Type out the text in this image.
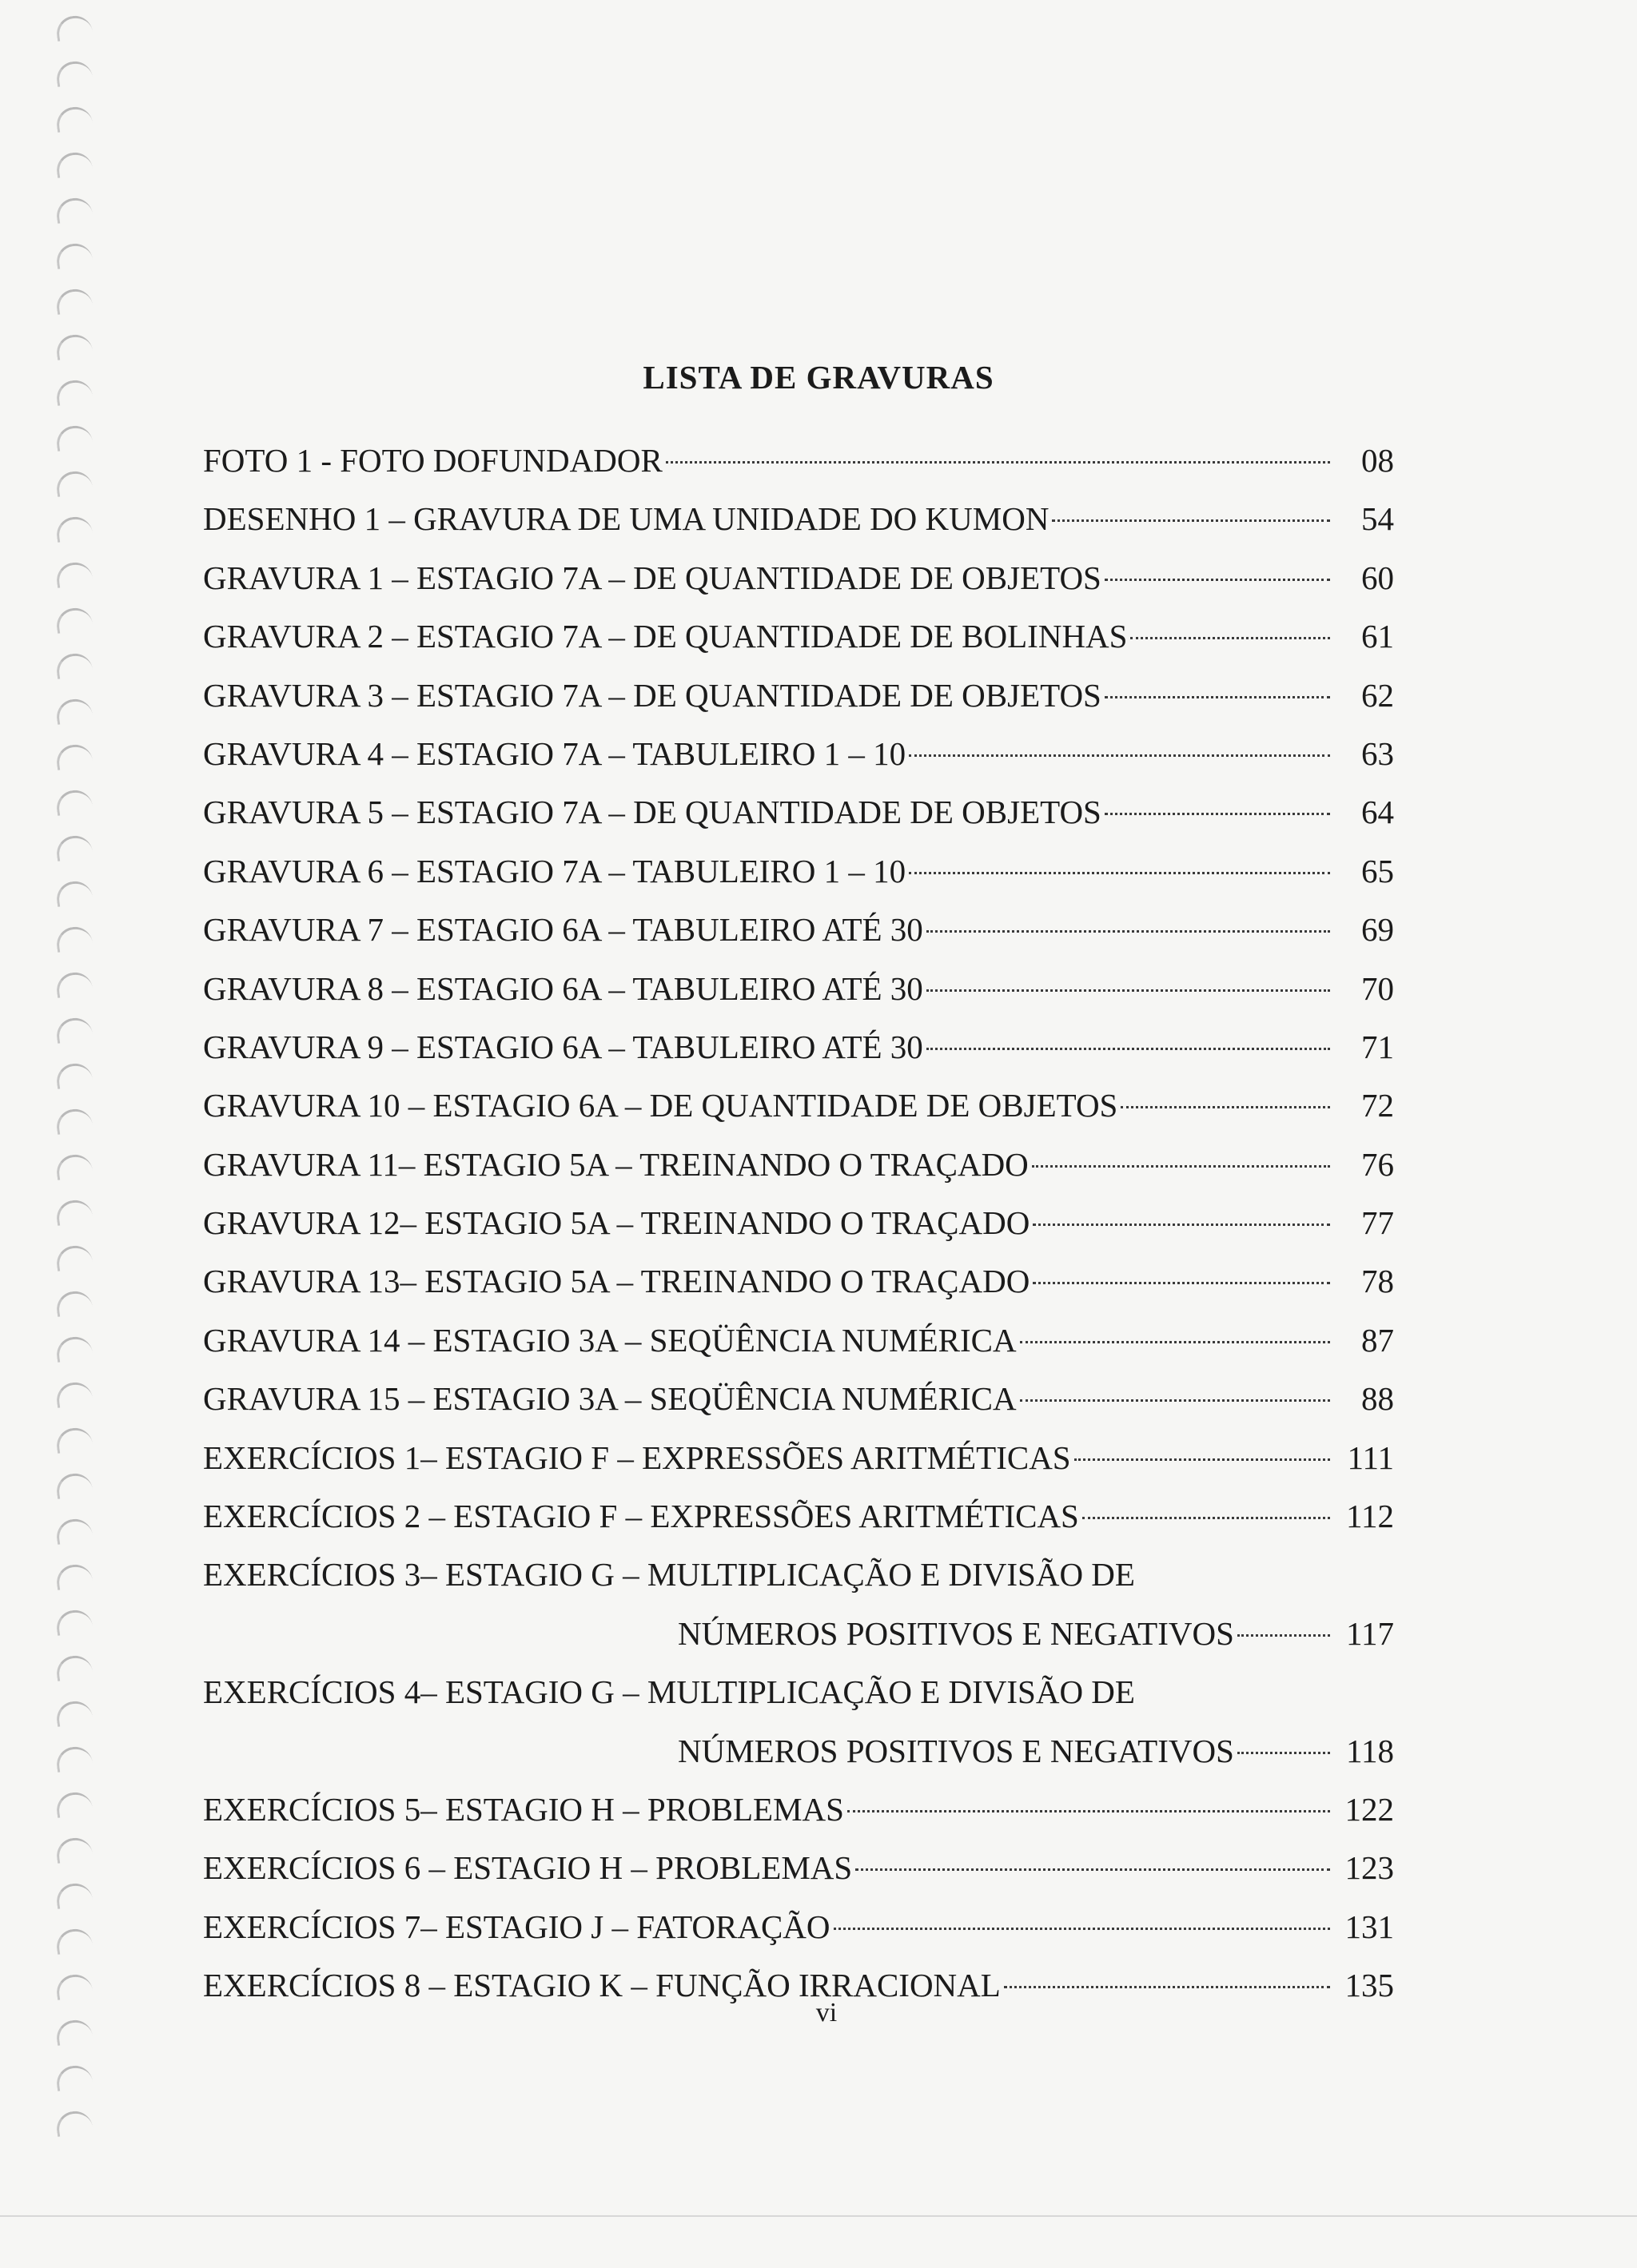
LISTA DE GRAVURAS
FOTO 1 - FOTO DOFUNDADOR	08
DESENHO 1 – GRAVURA DE UMA UNIDADE DO KUMON	54
GRAVURA 1 – ESTAGIO 7A – DE QUANTIDADE DE OBJETOS	60
GRAVURA 2 – ESTAGIO 7A – DE QUANTIDADE DE BOLINHAS	61
GRAVURA 3 – ESTAGIO 7A – DE QUANTIDADE DE OBJETOS	62
GRAVURA 4 – ESTAGIO 7A – TABULEIRO 1 – 10	63
GRAVURA 5 – ESTAGIO 7A – DE QUANTIDADE DE OBJETOS	64
GRAVURA 6 – ESTAGIO 7A – TABULEIRO 1 – 10	65
GRAVURA 7 – ESTAGIO 6A – TABULEIRO ATÉ 30	69
GRAVURA 8 – ESTAGIO 6A – TABULEIRO ATÉ 30	70
GRAVURA 9 – ESTAGIO 6A – TABULEIRO ATÉ 30	71
GRAVURA 10 – ESTAGIO 6A – DE QUANTIDADE DE OBJETOS	72
GRAVURA 11– ESTAGIO 5A – TREINANDO O TRAÇADO	76
GRAVURA 12– ESTAGIO 5A – TREINANDO O TRAÇADO	77
GRAVURA 13– ESTAGIO 5A – TREINANDO O TRAÇADO	78
GRAVURA 14 – ESTAGIO 3A – SEQÜÊNCIA NUMÉRICA	87
GRAVURA 15 – ESTAGIO 3A – SEQÜÊNCIA NUMÉRICA	88
EXERCÍCIOS 1– ESTAGIO F – EXPRESSÕES ARITMÉTICAS	111
EXERCÍCIOS 2 – ESTAGIO F – EXPRESSÕES ARITMÉTICAS	112
EXERCÍCIOS 3– ESTAGIO G – MULTIPLICAÇÃO E DIVISÃO DE
NÚMEROS POSITIVOS E NEGATIVOS	117
EXERCÍCIOS 4– ESTAGIO G – MULTIPLICAÇÃO E DIVISÃO DE
NÚMEROS POSITIVOS E NEGATIVOS	118
EXERCÍCIOS 5– ESTAGIO H – PROBLEMAS	122
EXERCÍCIOS 6 – ESTAGIO H – PROBLEMAS	123
EXERCÍCIOS 7– ESTAGIO J – FATORAÇÃO	131
EXERCÍCIOS 8 – ESTAGIO K – FUNÇÃO IRRACIONAL	135
vi
